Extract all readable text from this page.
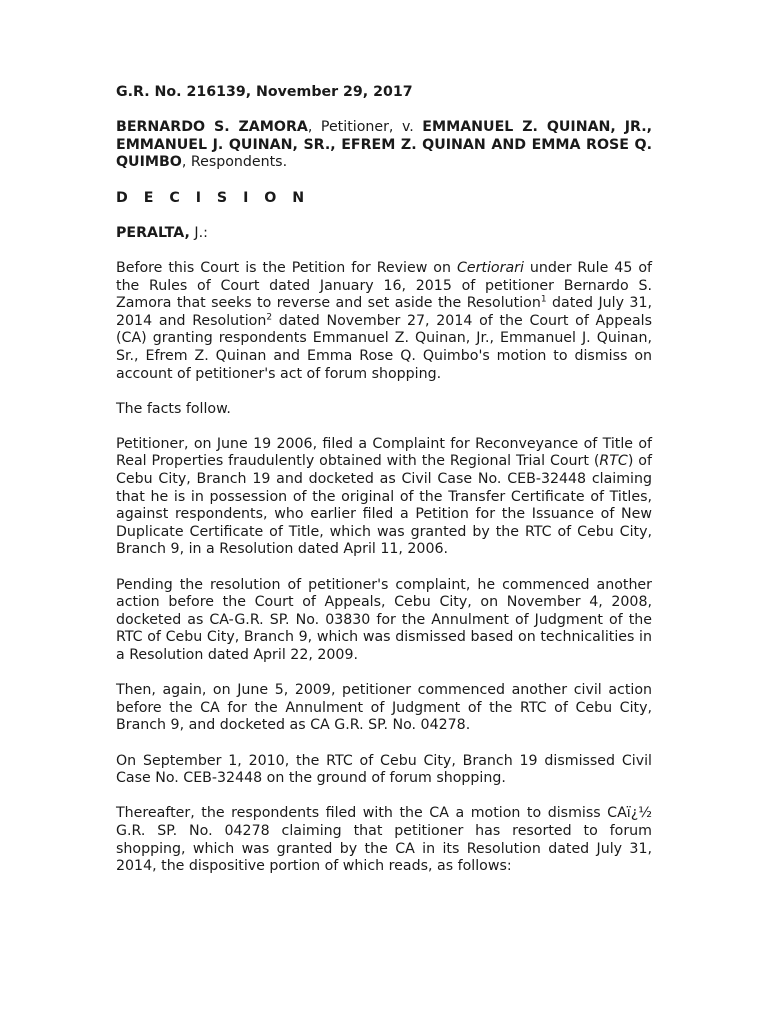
G.R. No. 216139, November 29, 2017

BERNARDO S. ZAMORA, Petitioner, v. EMMANUEL Z. QUINAN, JR., EMMANUEL J. QUINAN, SR., EFREM Z. QUINAN AND EMMA ROSE Q. QUIMBO, Respondents.

D E C I S I O N

PERALTA, J.:

Before this Court is the Petition for Review on Certiorari under Rule 45 of the Rules of Court dated January 16, 2015 of petitioner Bernardo S. Zamora that seeks to reverse and set aside the Resolution$^1$ dated July 31, 2014 and Resolution$^2$ dated November 27, 2014 of the Court of Appeals (CA) granting respondents Emmanuel Z. Quinan, Jr., Emmanuel J. Quinan, Sr., Efrem Z. Quinan and Emma Rose Q. Quimbo's motion to dismiss on account of petitioner's act of forum shopping.

The facts follow.

Petitioner, on June 19 2006, filed a Complaint for Reconveyance of Title of Real Properties fraudulently obtained with the Regional Trial Court (RTC) of Cebu City, Branch 19 and docketed as Civil Case No. CEB-32448 claiming that he is in possession of the original of the Transfer Certificate of Titles, against respondents, who earlier filed a Petition for the Issuance of New Duplicate Certificate of Title, which was granted by the RTC of Cebu City, Branch 9, in a Resolution dated April 11, 2006.

Pending the resolution of petitioner's complaint, he commenced another action before the Court of Appeals, Cebu City, on November 4, 2008, docketed as CA-G.R. SP. No. 03830 for the Annulment of Judgment of the RTC of Cebu City, Branch 9, which was dismissed based on technicalities in a Resolution dated April 22, 2009.

Then, again, on June 5, 2009, petitioner commenced another civil action before the CA for the Annulment of Judgment of the RTC of Cebu City, Branch 9, and docketed as CA G.R. SP. No. 04278.

On September 1, 2010, the RTC of Cebu City, Branch 19 dismissed Civil Case No. CEB-32448 on the ground of forum shopping.

Thereafter, the respondents filed with the CA a motion to dismiss CAï¿½ G.R. SP. No. 04278 claiming that petitioner has resorted to forum shopping, which was granted by the CA in its Resolution dated July 31, 2014, the dispositive portion of which reads, as follows:
